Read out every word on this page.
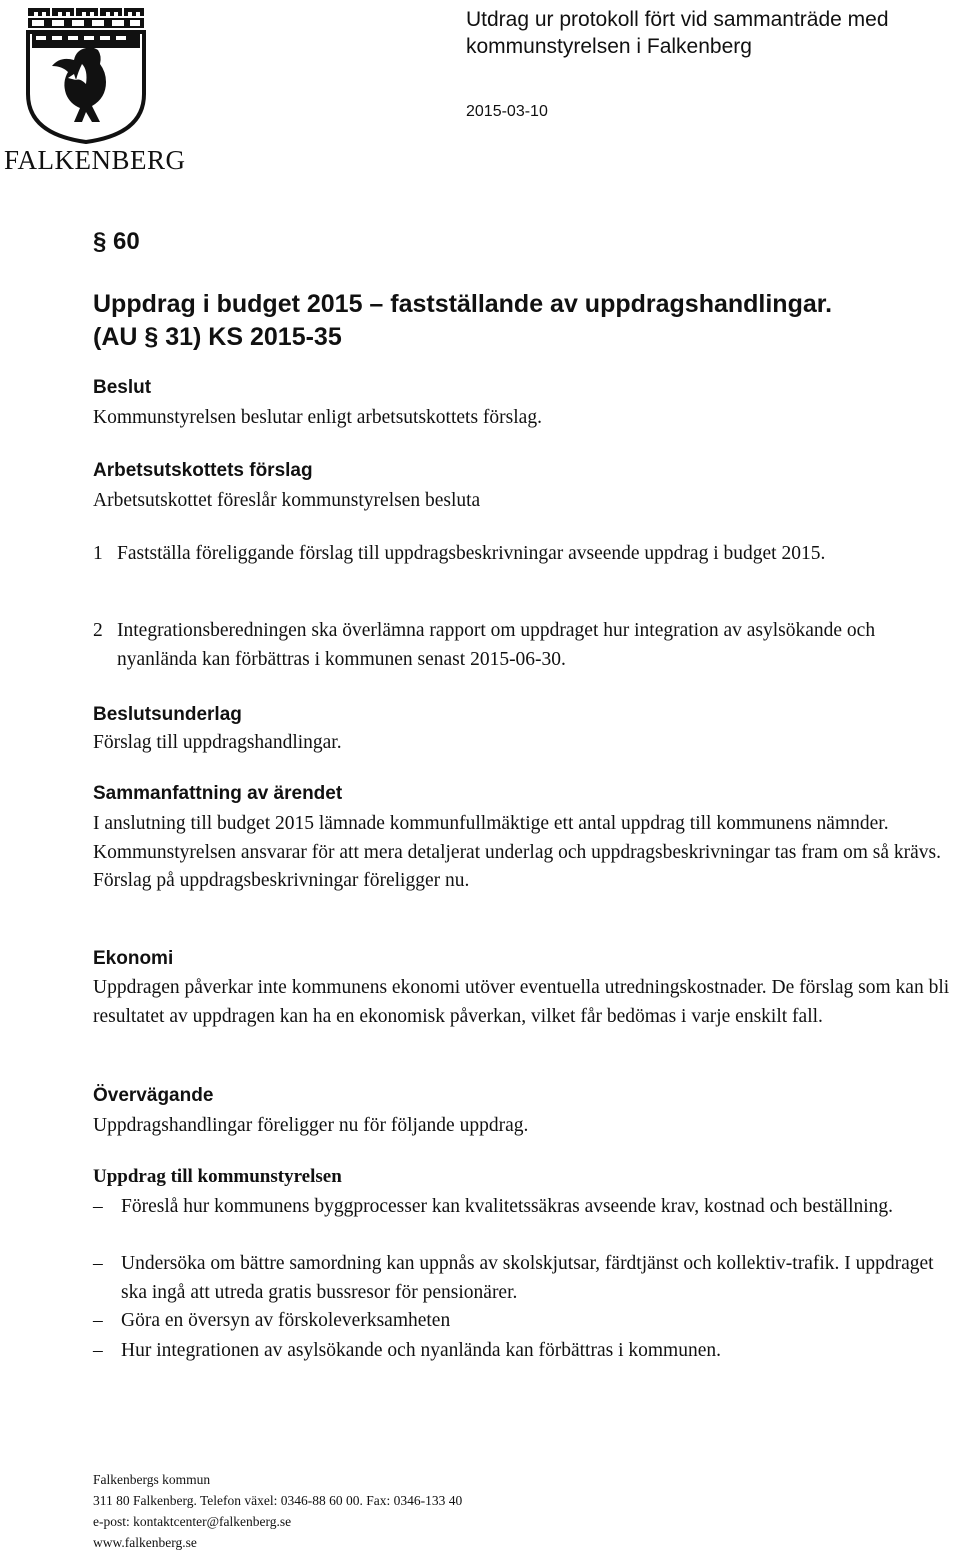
FALKENBERG
Utdrag ur protokoll fört vid sammanträde med
kommunstyrelsen i Falkenberg
2015-03-10
§ 60
Uppdrag i budget 2015 – fastställande av uppdragshandlingar.
(AU § 31) KS 2015-35
Beslut
Kommunstyrelsen beslutar enligt arbetsutskottets förslag.
Arbetsutskottets förslag
Arbetsutskottet föreslår kommunstyrelsen besluta
1 Fastställa föreliggande förslag till uppdragsbeskrivningar avseende uppdrag i budget 2015.
2 Integrationsberedningen ska överlämna rapport om uppdraget hur integration av asylsökande och nyanlända kan förbättras i kommunen senast 2015-06-30.
Beslutsunderlag
Förslag till uppdragshandlingar.
Sammanfattning av ärendet
I anslutning till budget 2015 lämnade kommunfullmäktige ett antal uppdrag till kommunens nämnder. Kommunstyrelsen ansvarar för att mera detaljerat underlag och uppdragsbeskrivningar tas fram om så krävs. Förslag på uppdragsbeskrivningar föreligger nu.
Ekonomi
Uppdragen påverkar inte kommunens ekonomi utöver eventuella utredningskostnader. De förslag som kan bli resultatet av uppdragen kan ha en ekonomisk påverkan, vilket får bedömas i varje enskilt fall.
Övervägande
Uppdragshandlingar föreligger nu för följande uppdrag.
Uppdrag till kommunstyrelsen
– Föreslå hur kommunens byggprocesser kan kvalitetssäkras avseende krav, kostnad och beställning.
– Undersöka om bättre samordning kan uppnås av skolskjutsar, färdtjänst och kollektiv-trafik. I uppdraget ska ingå att utreda gratis bussresor för pensionärer.
– Göra en översyn av förskoleverksamheten
– Hur integrationen av asylsökande och nyanlända kan förbättras i kommunen.
Falkenbergs kommun
311 80 Falkenberg. Telefon växel: 0346-88 60 00. Fax: 0346-133 40
e-post: kontaktcenter@falkenberg.se
www.falkenberg.se
